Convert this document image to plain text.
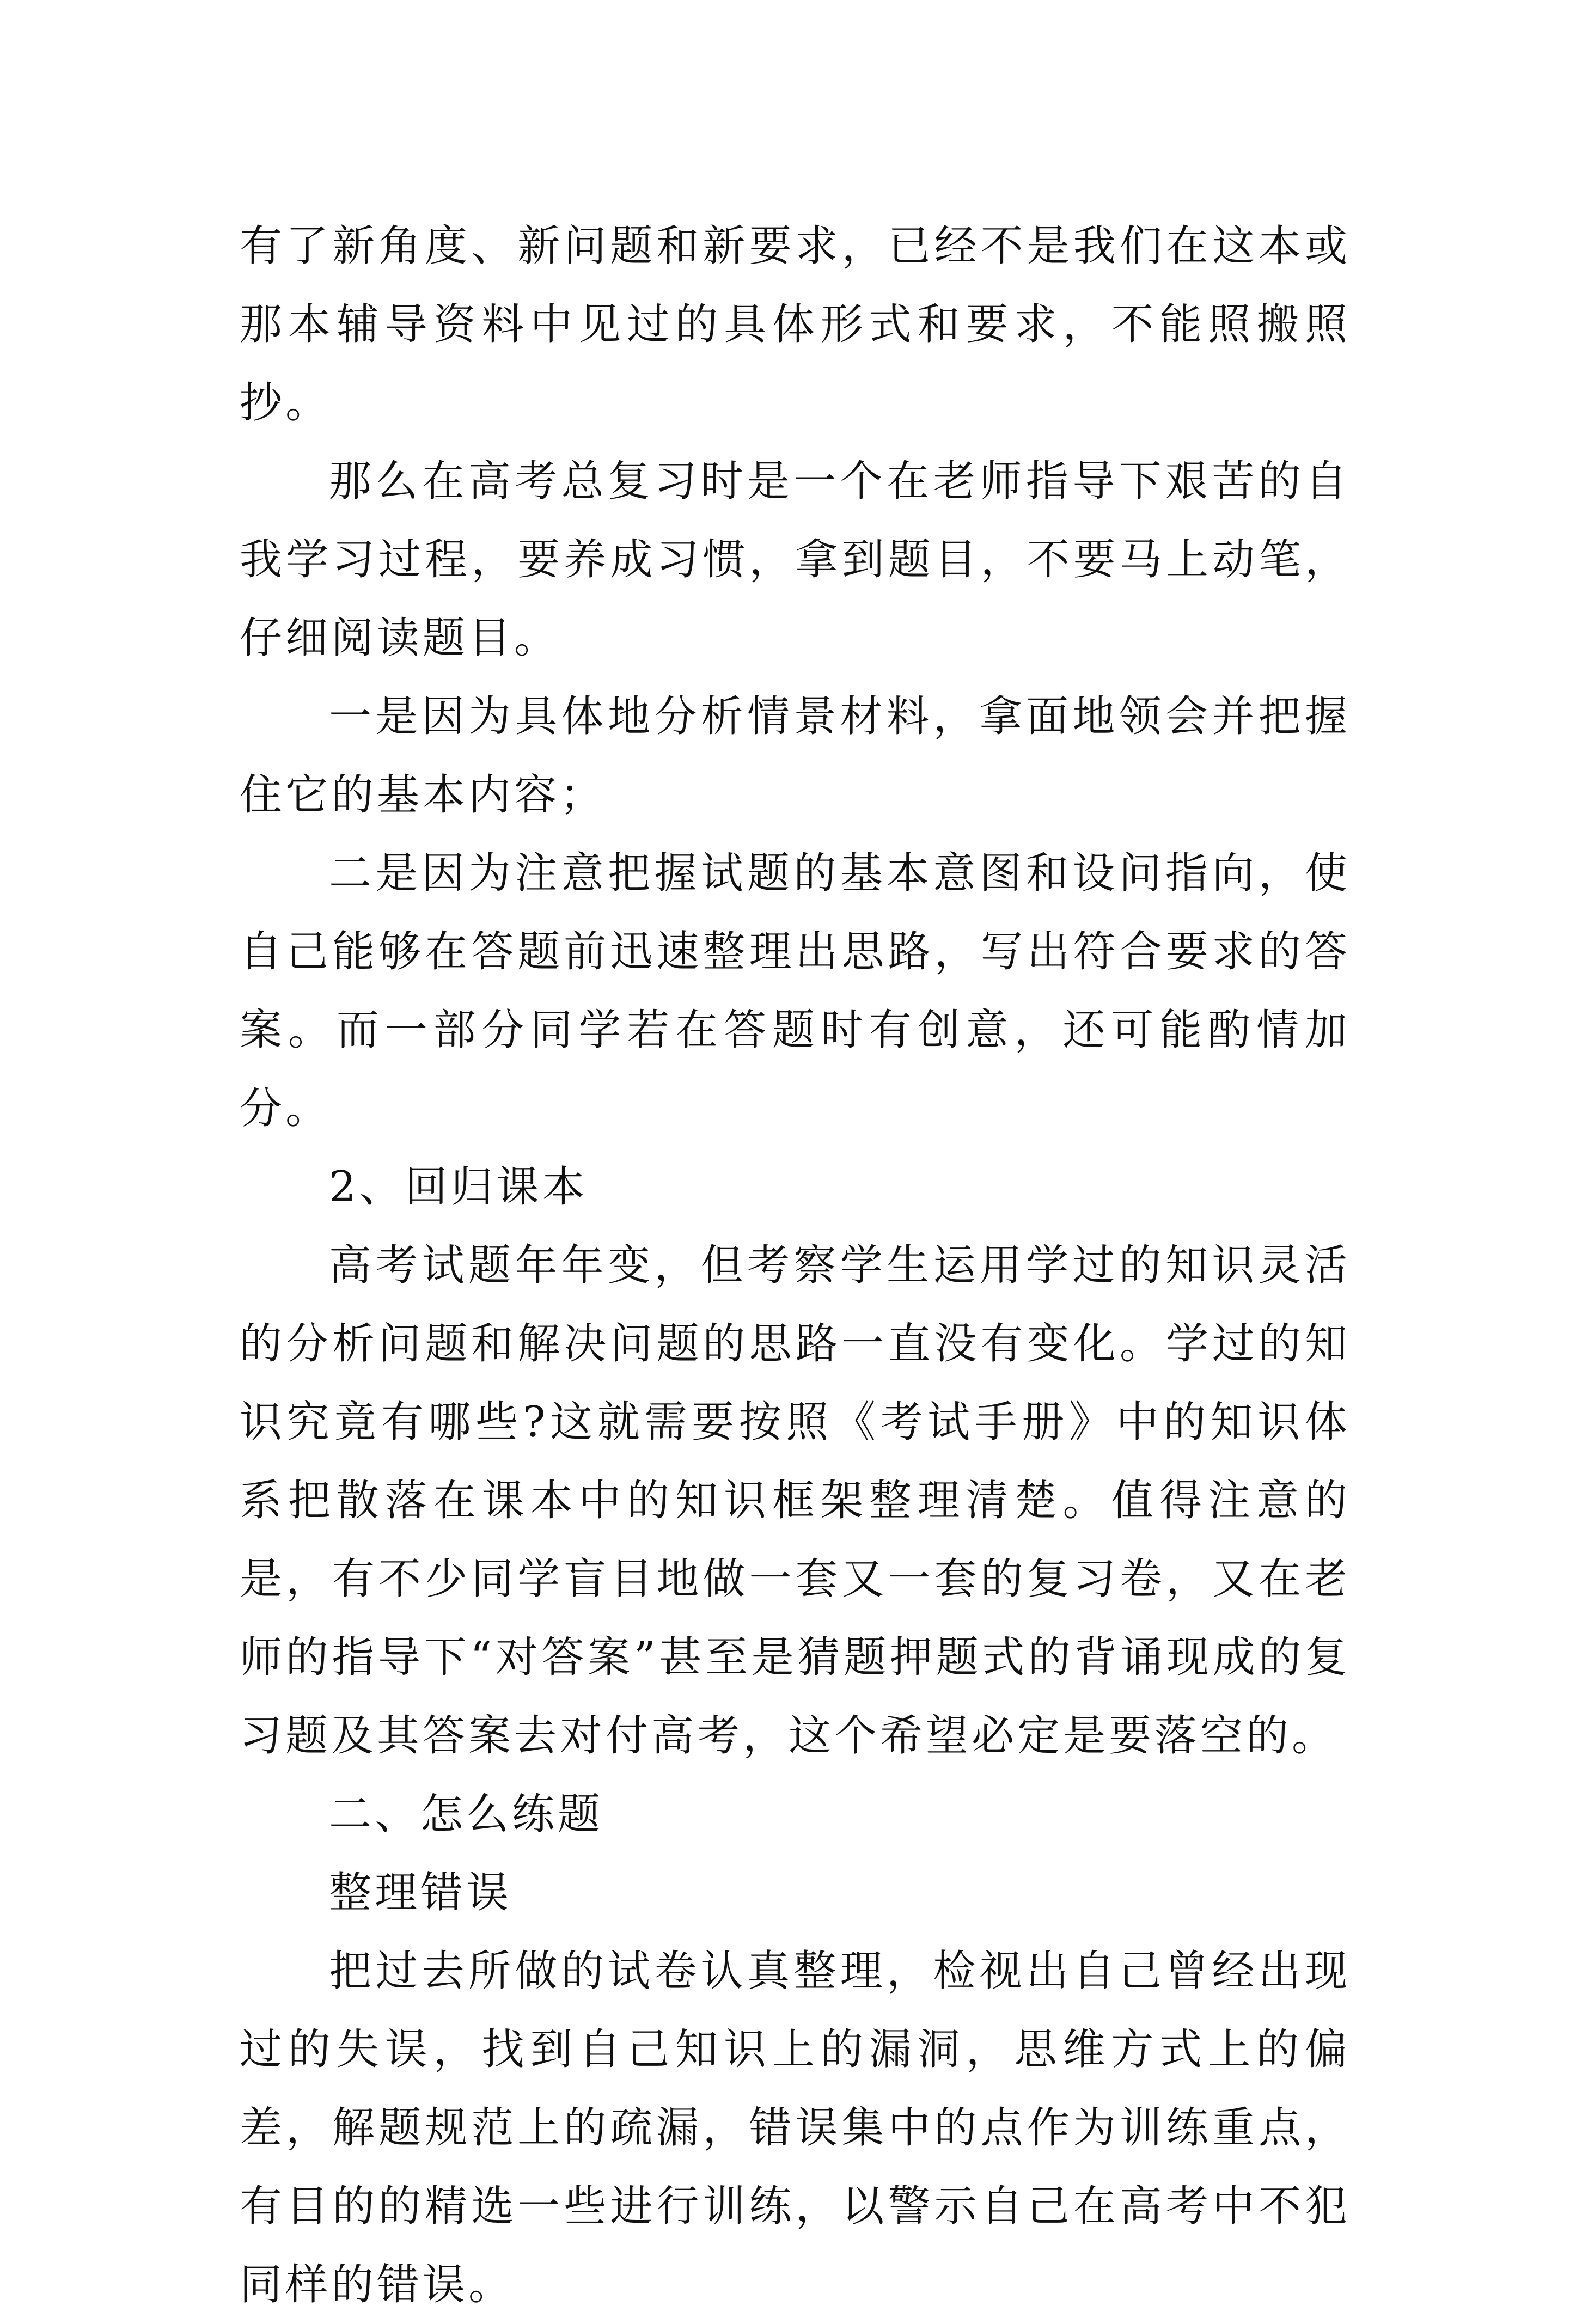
有了新角度、新问题和新要求，已经不是我们在这本或那本辅导资料中见过的具体形式和要求，不能照搬照抄。

那么在高考总复习时是一个在老师指导下艰苦的自我学习过程，要养成习惯，拿到题目，不要马上动笔，仔细阅读题目。

一是因为具体地分析情景材料，拿面地领会并把握住它的基本内容；

二是因为注意把握试题的基本意图和设问指向，使自己能够在答题前迅速整理出思路，写出符合要求的答案。而一部分同学若在答题时有创意，还可能酌情加分。

2、回归课本

高考试题年年变，但考察学生运用学过的知识灵活的分析问题和解决问题的思路一直没有变化。学过的知识究竟有哪些?这就需要按照《考试手册》中的知识体系把散落在课本中的知识框架整理清楚。值得注意的是，有不少同学盲目地做一套又一套的复习卷，又在老师的指导下“对答案”甚至是猜题押题式的背诵现成的复习题及其答案去对付高考，这个希望必定是要落空的。

二、怎么练题

整理错误

把过去所做的试卷认真整理，检视出自己曾经出现过的失误，找到自己知识上的漏洞，思维方式上的偏差，解题规范上的疏漏，错误集中的点作为训练重点，有目的的精选一些进行训练，以警示自己在高考中不犯同样的错误。
